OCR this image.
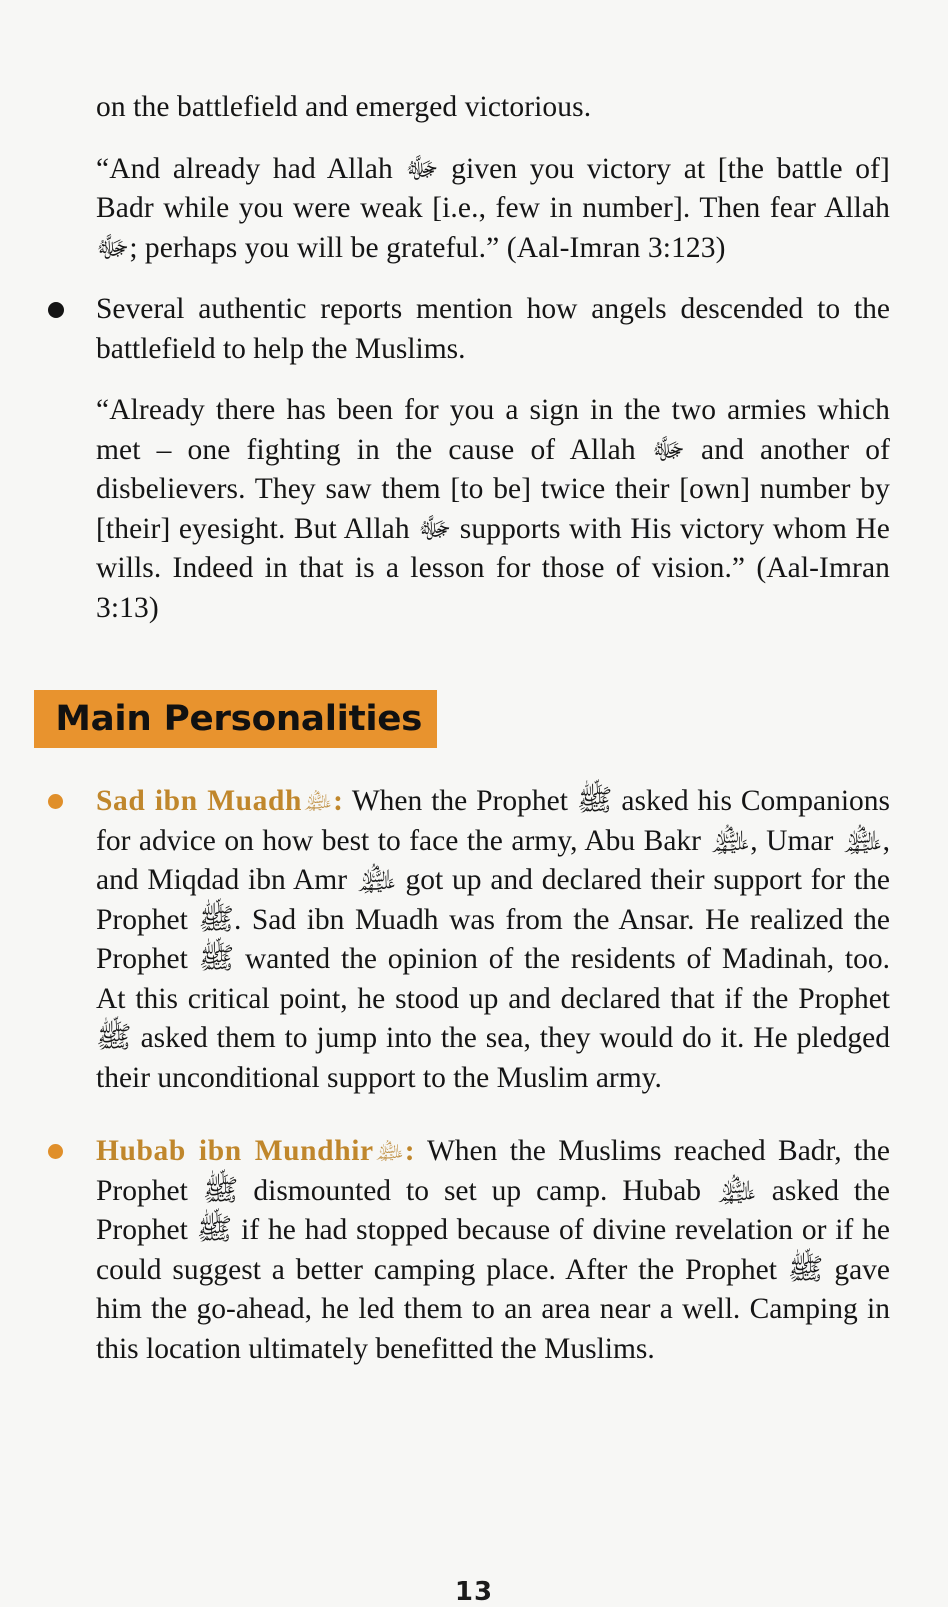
on the battlefield and emerged victorious.

“And already had Allah ﷻ given you victory at [the battle of] Badr while you were weak [i.e., few in number]. Then fear Allah ﷻ; perhaps you will be grateful.” (Aal-Imran 3:123)

Several authentic reports mention how angels descended to the battlefield to help the Muslims.

“Already there has been for you a sign in the two armies which met – one fighting in the cause of Allah ﷻ and another of disbelievers. They saw them [to be] twice their [own] number by [their] eyesight. But Allah ﷻ supports with His victory whom He wills. Indeed in that is a lesson for those of vision.” (Aal-Imran 3:13)

Main Personalities
Sad ibn Muadh﵈: When the Prophet ﷺ asked his Companions for advice on how best to face the army, Abu Bakr ﵈, Umar ﵈, and Miqdad ibn Amr ﵈ got up and declared their support for the Prophet ﷺ. Sad ibn Muadh was from the Ansar. He realized the Prophet ﷺ wanted the opinion of the residents of Madinah, too. At this critical point, he stood up and declared that if the Prophet ﷺ asked them to jump into the sea, they would do it. He pledged their unconditional support to the Muslim army.
Hubab ibn Mundhir﵈: When the Muslims reached Badr, the Prophet ﷺ dismounted to set up camp. Hubab ﵈ asked the Prophet ﷺ if he had stopped because of divine revelation or if he could suggest a better camping place. After the Prophet ﷺ gave him the go-ahead, he led them to an area near a well. Camping in this location ultimately benefitted the Muslims.
13
